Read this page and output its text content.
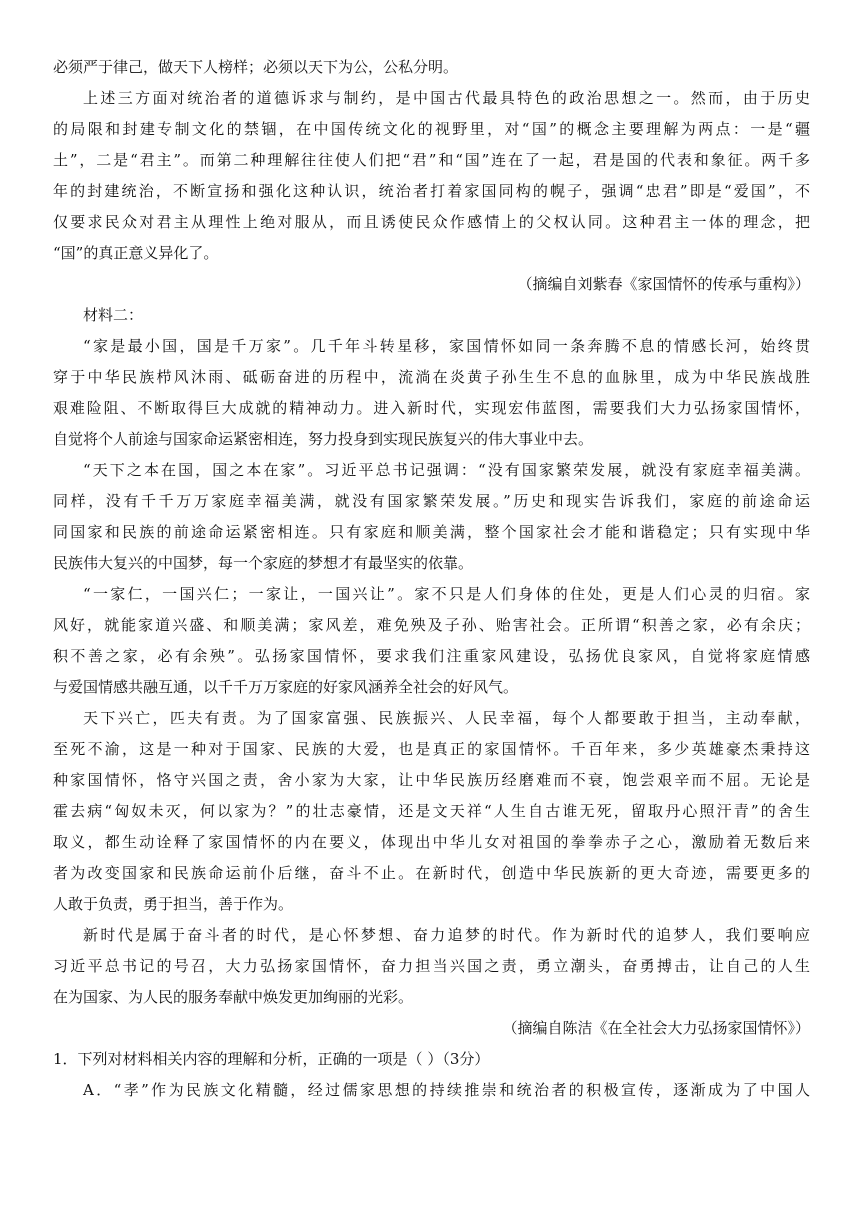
必须严于律己，做天下人榜样；必须以天下为公，公私分明。
上述三方面对统治者的道德诉求与制约，是中国古代最具特色的政治思想之一。然而，由于历史
的局限和封建专制文化的禁锢，在中国传统文化的视野里，对“国”的概念主要理解为两点：一是“疆
土”，二是“君主”。而第二种理解往往使人们把“君”和“国”连在了一起，君是国的代表和象征。两千多
年的封建统治，不断宣扬和强化这种认识，统治者打着家国同构的幌子，强调“忠君”即是“爱国”，不
仅要求民众对君主从理性上绝对服从，而且诱使民众作感情上的父权认同。这种君主一体的理念，把
“国”的真正意义异化了。
（摘编自刘紫春《家国情怀的传承与重构》）
材料二：
“家是最小国，国是千万家”。几千年斗转星移，家国情怀如同一条奔腾不息的情感长河，始终贯
穿于中华民族栉风沐雨、砥砺奋进的历程中，流淌在炎黄子孙生生不息的血脉里，成为中华民族战胜
艰难险阻、不断取得巨大成就的精神动力。进入新时代，实现宏伟蓝图，需要我们大力弘扬家国情怀，
自觉将个人前途与国家命运紧密相连，努力投身到实现民族复兴的伟大事业中去。
“天下之本在国，国之本在家”。习近平总书记强调：“没有国家繁荣发展，就没有家庭幸福美满。
同样，没有千千万万家庭幸福美满，就没有国家繁荣发展。”历史和现实告诉我们，家庭的前途命运
同国家和民族的前途命运紧密相连。只有家庭和顺美满，整个国家社会才能和谐稳定；只有实现中华
民族伟大复兴的中国梦，每一个家庭的梦想才有最坚实的依靠。
“一家仁，一国兴仁；一家让，一国兴让”。家不只是人们身体的住处，更是人们心灵的归宿。家
风好，就能家道兴盛、和顺美满；家风差，难免殃及子孙、贻害社会。正所谓“积善之家，必有余庆；
积不善之家，必有余殃”。弘扬家国情怀，要求我们注重家风建设，弘扬优良家风，自觉将家庭情感
与爱国情感共融互通，以千千万万家庭的好家风涵养全社会的好风气。
天下兴亡，匹夫有责。为了国家富强、民族振兴、人民幸福，每个人都要敢于担当，主动奉献，
至死不渝，这是一种对于国家、民族的大爱，也是真正的家国情怀。千百年来，多少英雄豪杰秉持这
种家国情怀，恪守兴国之责，舍小家为大家，让中华民族历经磨难而不衰，饱尝艰辛而不屈。无论是
霍去病“匈奴未灭，何以家为？”的壮志豪情，还是文天祥“人生自古谁无死，留取丹心照汗青”的舍生
取义，都生动诠释了家国情怀的内在要义，体现出中华儿女对祖国的拳拳赤子之心，激励着无数后来
者为改变国家和民族命运前仆后继，奋斗不止。在新时代，创造中华民族新的更大奇迹，需要更多的
人敢于负责，勇于担当，善于作为。
新时代是属于奋斗者的时代，是心怀梦想、奋力追梦的时代。作为新时代的追梦人，我们要响应
习近平总书记的号召，大力弘扬家国情怀，奋力担当兴国之责，勇立潮头，奋勇搏击，让自己的人生
在为国家、为人民的服务奉献中焕发更加绚丽的光彩。
（摘编自陈洁《在全社会大力弘扬家国情怀》）
1．下列对材料相关内容的理解和分析，正确的一项是（ ）（3分）
A．“孝”作为民族文化精髓，经过儒家思想的持续推崇和统治者的积极宣传，逐渐成为了中国人
